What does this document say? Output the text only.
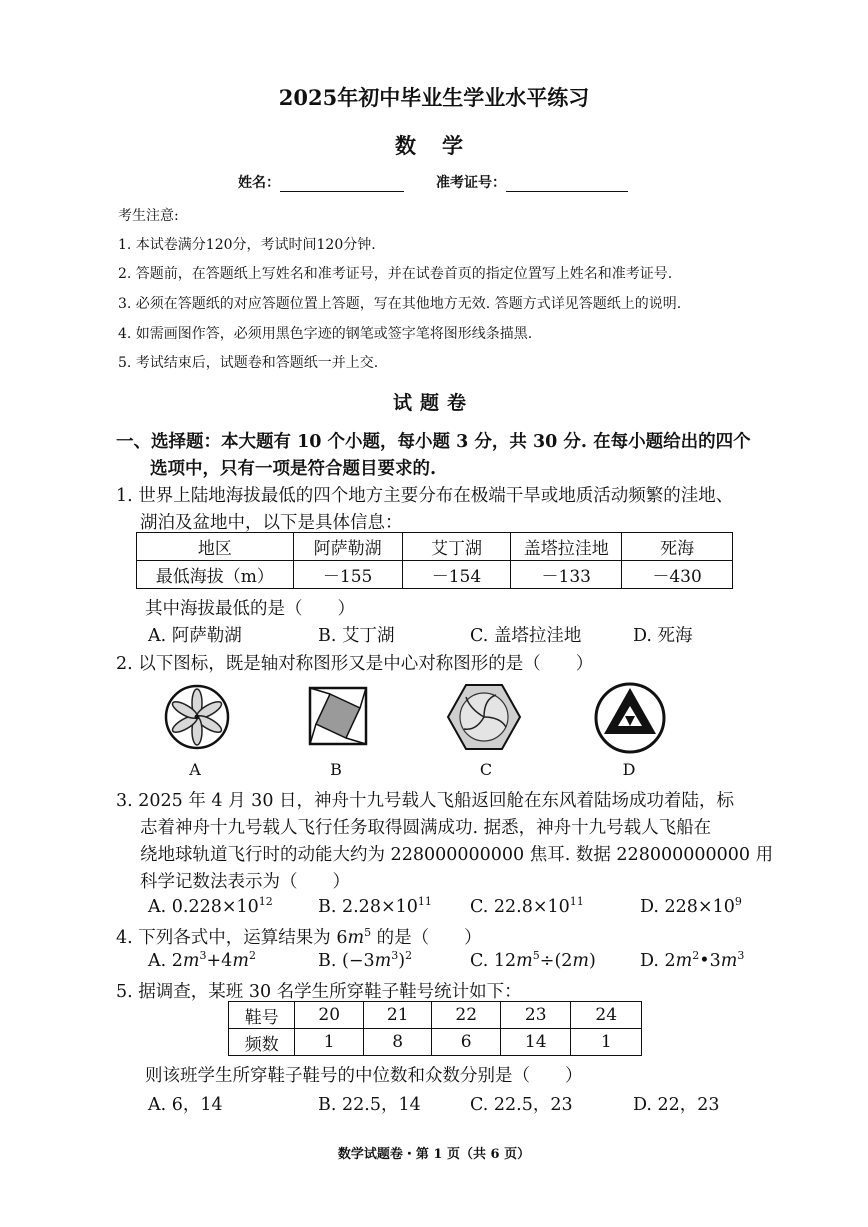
2025年初中毕业生学业水平练习
数学
姓名：	准考证号：
考生注意:
1. 本试卷满分120分，考试时间120分钟.
2. 答题前，在答题纸上写姓名和准考证号，并在试卷首页的指定位置写上姓名和准考证号.
3. 必须在答题纸的对应答题位置上答题，写在其他地方无效. 答题方式详见答题纸上的说明.
4. 如需画图作答，必须用黑色字迹的钢笔或签字笔将图形线条描黑.
5. 考试结束后，试题卷和答题纸一并上交.
试题卷
一、选择题：本大题有 10 个小题，每小题 3 分，共 30 分. 在每小题给出的四个
选项中，只有一项是符合题目要求的.
1. 世界上陆地海拔最低的四个地方主要分布在极端干旱或地质活动频繁的洼地、
湖泊及盆地中，以下是具体信息：
地区	阿萨勒湖	艾丁湖	盖塔拉洼地	死海
最低海拔（m）	－155	－154	－133	－430
其中海拔最低的是（　　）
A. 阿萨勒湖	B. 艾丁湖	C. 盖塔拉洼地	D. 死海
2. 以下图标，既是轴对称图形又是中心对称图形的是（　　）
A	B	C	D
3. 2025 年 4 月 30 日，神舟十九号载人飞船返回舱在东风着陆场成功着陆，标
志着神舟十九号载人飞行任务取得圆满成功. 据悉，神舟十九号载人飞船在
绕地球轨道飞行时的动能大约为 228000000000 焦耳. 数据 228000000000 用
科学记数法表示为（　　）
A. $0.228\times 10^{12}$	B. $2.28\times 10^{11}$ C. $22.8\times 10^{11}$	D. $228\times 10^9$
4. 下列各式中，运算结果为 $6m^5$ 的是（　　）
A. $2m^3+4m^2$	B. $(-3m^3)^2$	C. $12m^5\div(2m)$	D. $2m^2•3m^3$
5. 据调查，某班 30 名学生所穿鞋子鞋号统计如下：
鞋号	20	21	22	23	24
频数	1	8	6	14	1
则该班学生所穿鞋子鞋号的中位数和众数分别是（　　）
A. 6，14	B. 22.5，14	C. 22.5，23	D. 22，23
数学试题卷・第 1 页（共 6 页）
